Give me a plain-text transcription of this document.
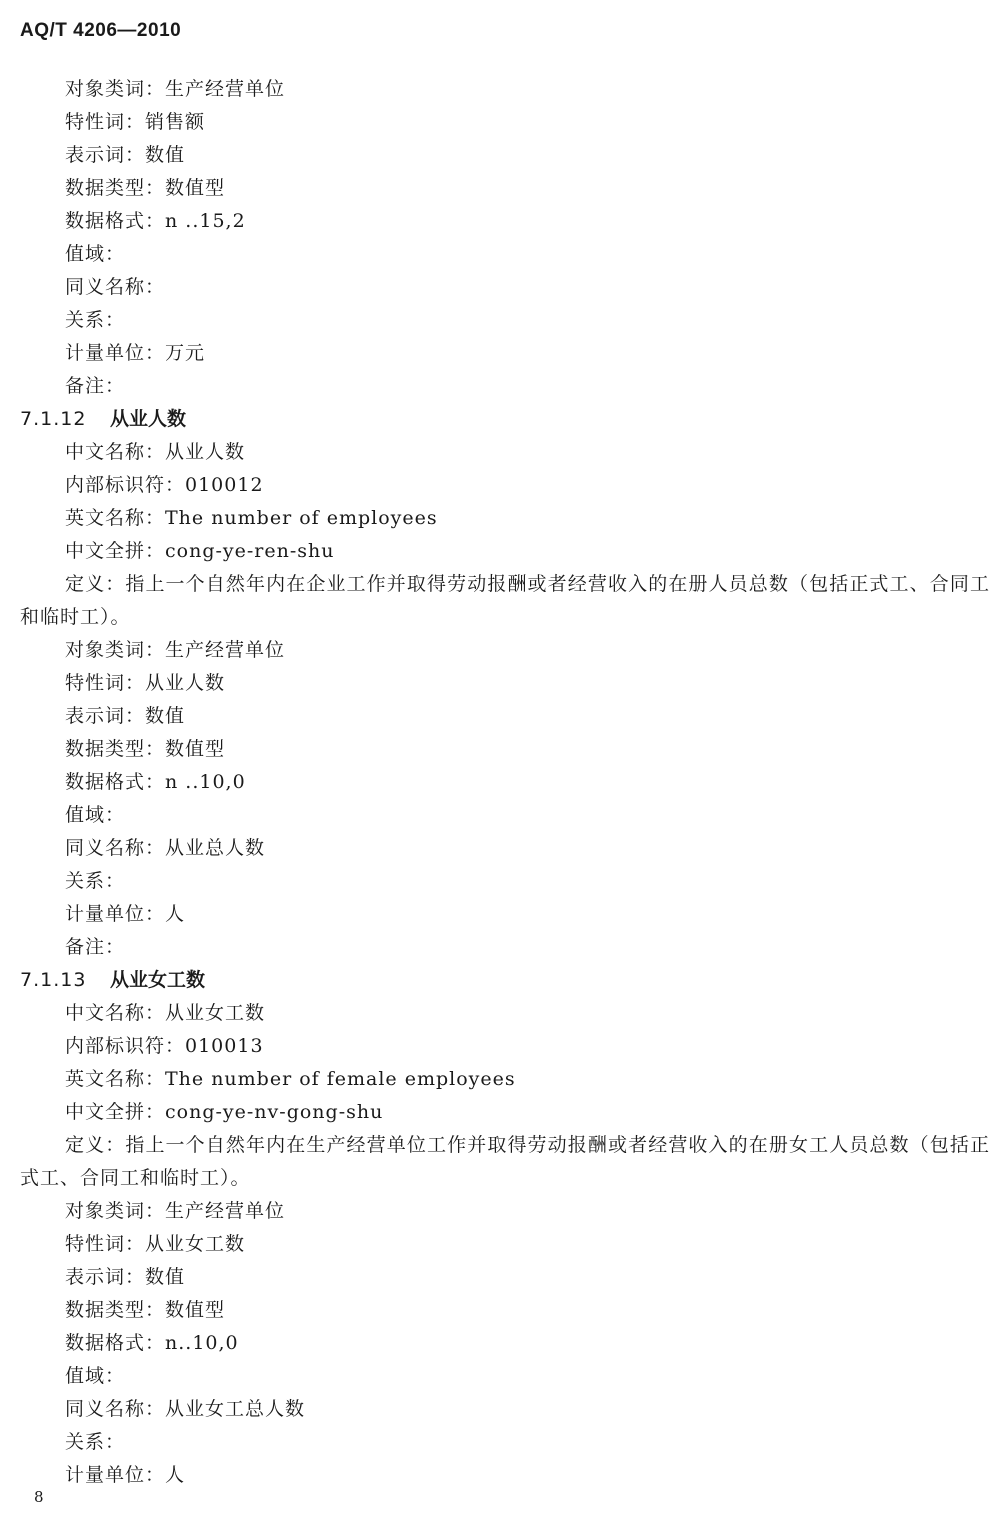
AQ/T 4206—2010
对象类词：生产经营单位
特性词：销售额
表示词：数值
数据类型：数值型
数据格式：n ..15,2
值域：
同义名称：
关系：
计量单位：万元
备注：
7.1.12 从业人数
中文名称：从业人数
内部标识符：010012
英文名称：The number of employees
中文全拼：cong-ye-ren-shu

定义：指上一个自然年内在企业工作并取得劳动报酬或者经营收入的在册人员总数（包括正式工、合同工和临时工）。

对象类词：生产经营单位
特性词：从业人数
表示词：数值
数据类型：数值型
数据格式：n ..10,0
值域：
同义名称：从业总人数
关系：
计量单位：人
备注：
7.1.13 从业女工数
中文名称：从业女工数
内部标识符：010013
英文名称：The number of female employees
中文全拼：cong-ye-nv-gong-shu

定义：指上一个自然年内在生产经营单位工作并取得劳动报酬或者经营收入的在册女工人员总数（包括正式工、合同工和临时工）。

对象类词：生产经营单位
特性词：从业女工数
表示词：数值
数据类型：数值型
数据格式：n..10,0
值域：
同义名称：从业女工总人数
关系：
计量单位：人
8
